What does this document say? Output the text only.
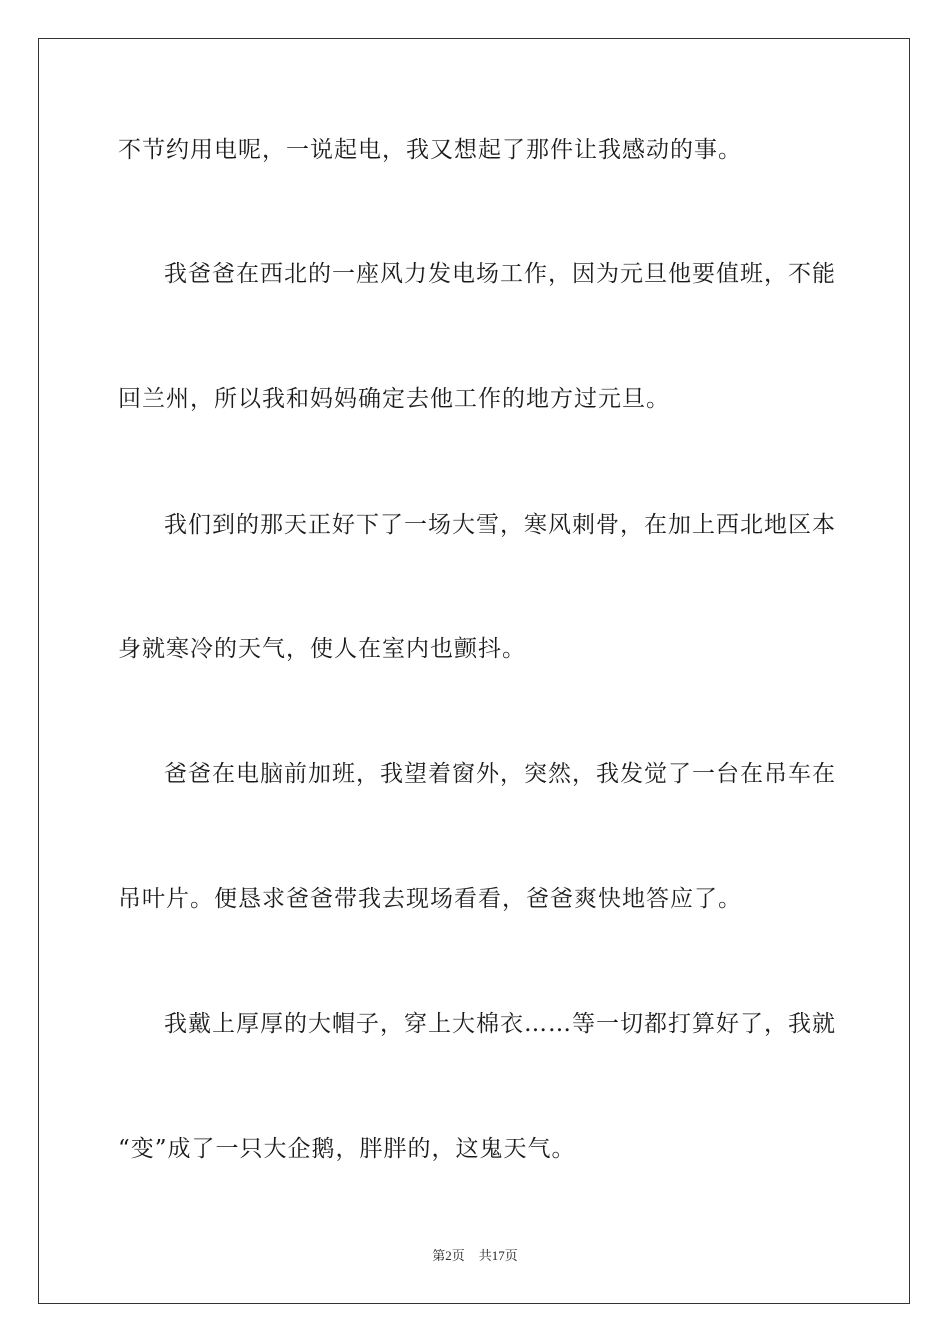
不节约用电呢，一说起电，我又想起了那件让我感动的事。
我爸爸在西北的一座风力发电场工作，因为元旦他要值班，不能
回兰州，所以我和妈妈确定去他工作的地方过元旦。
我们到的那天正好下了一场大雪，寒风刺骨，在加上西北地区本
身就寒冷的天气，使人在室内也颤抖。
爸爸在电脑前加班，我望着窗外，突然，我发觉了一台在吊车在
吊叶片。便恳求爸爸带我去现场看看，爸爸爽快地答应了。
我戴上厚厚的大帽子，穿上大棉衣……等一切都打算好了，我就
“变”成了一只大企鹅，胖胖的，这鬼天气。
第2页 共17页
